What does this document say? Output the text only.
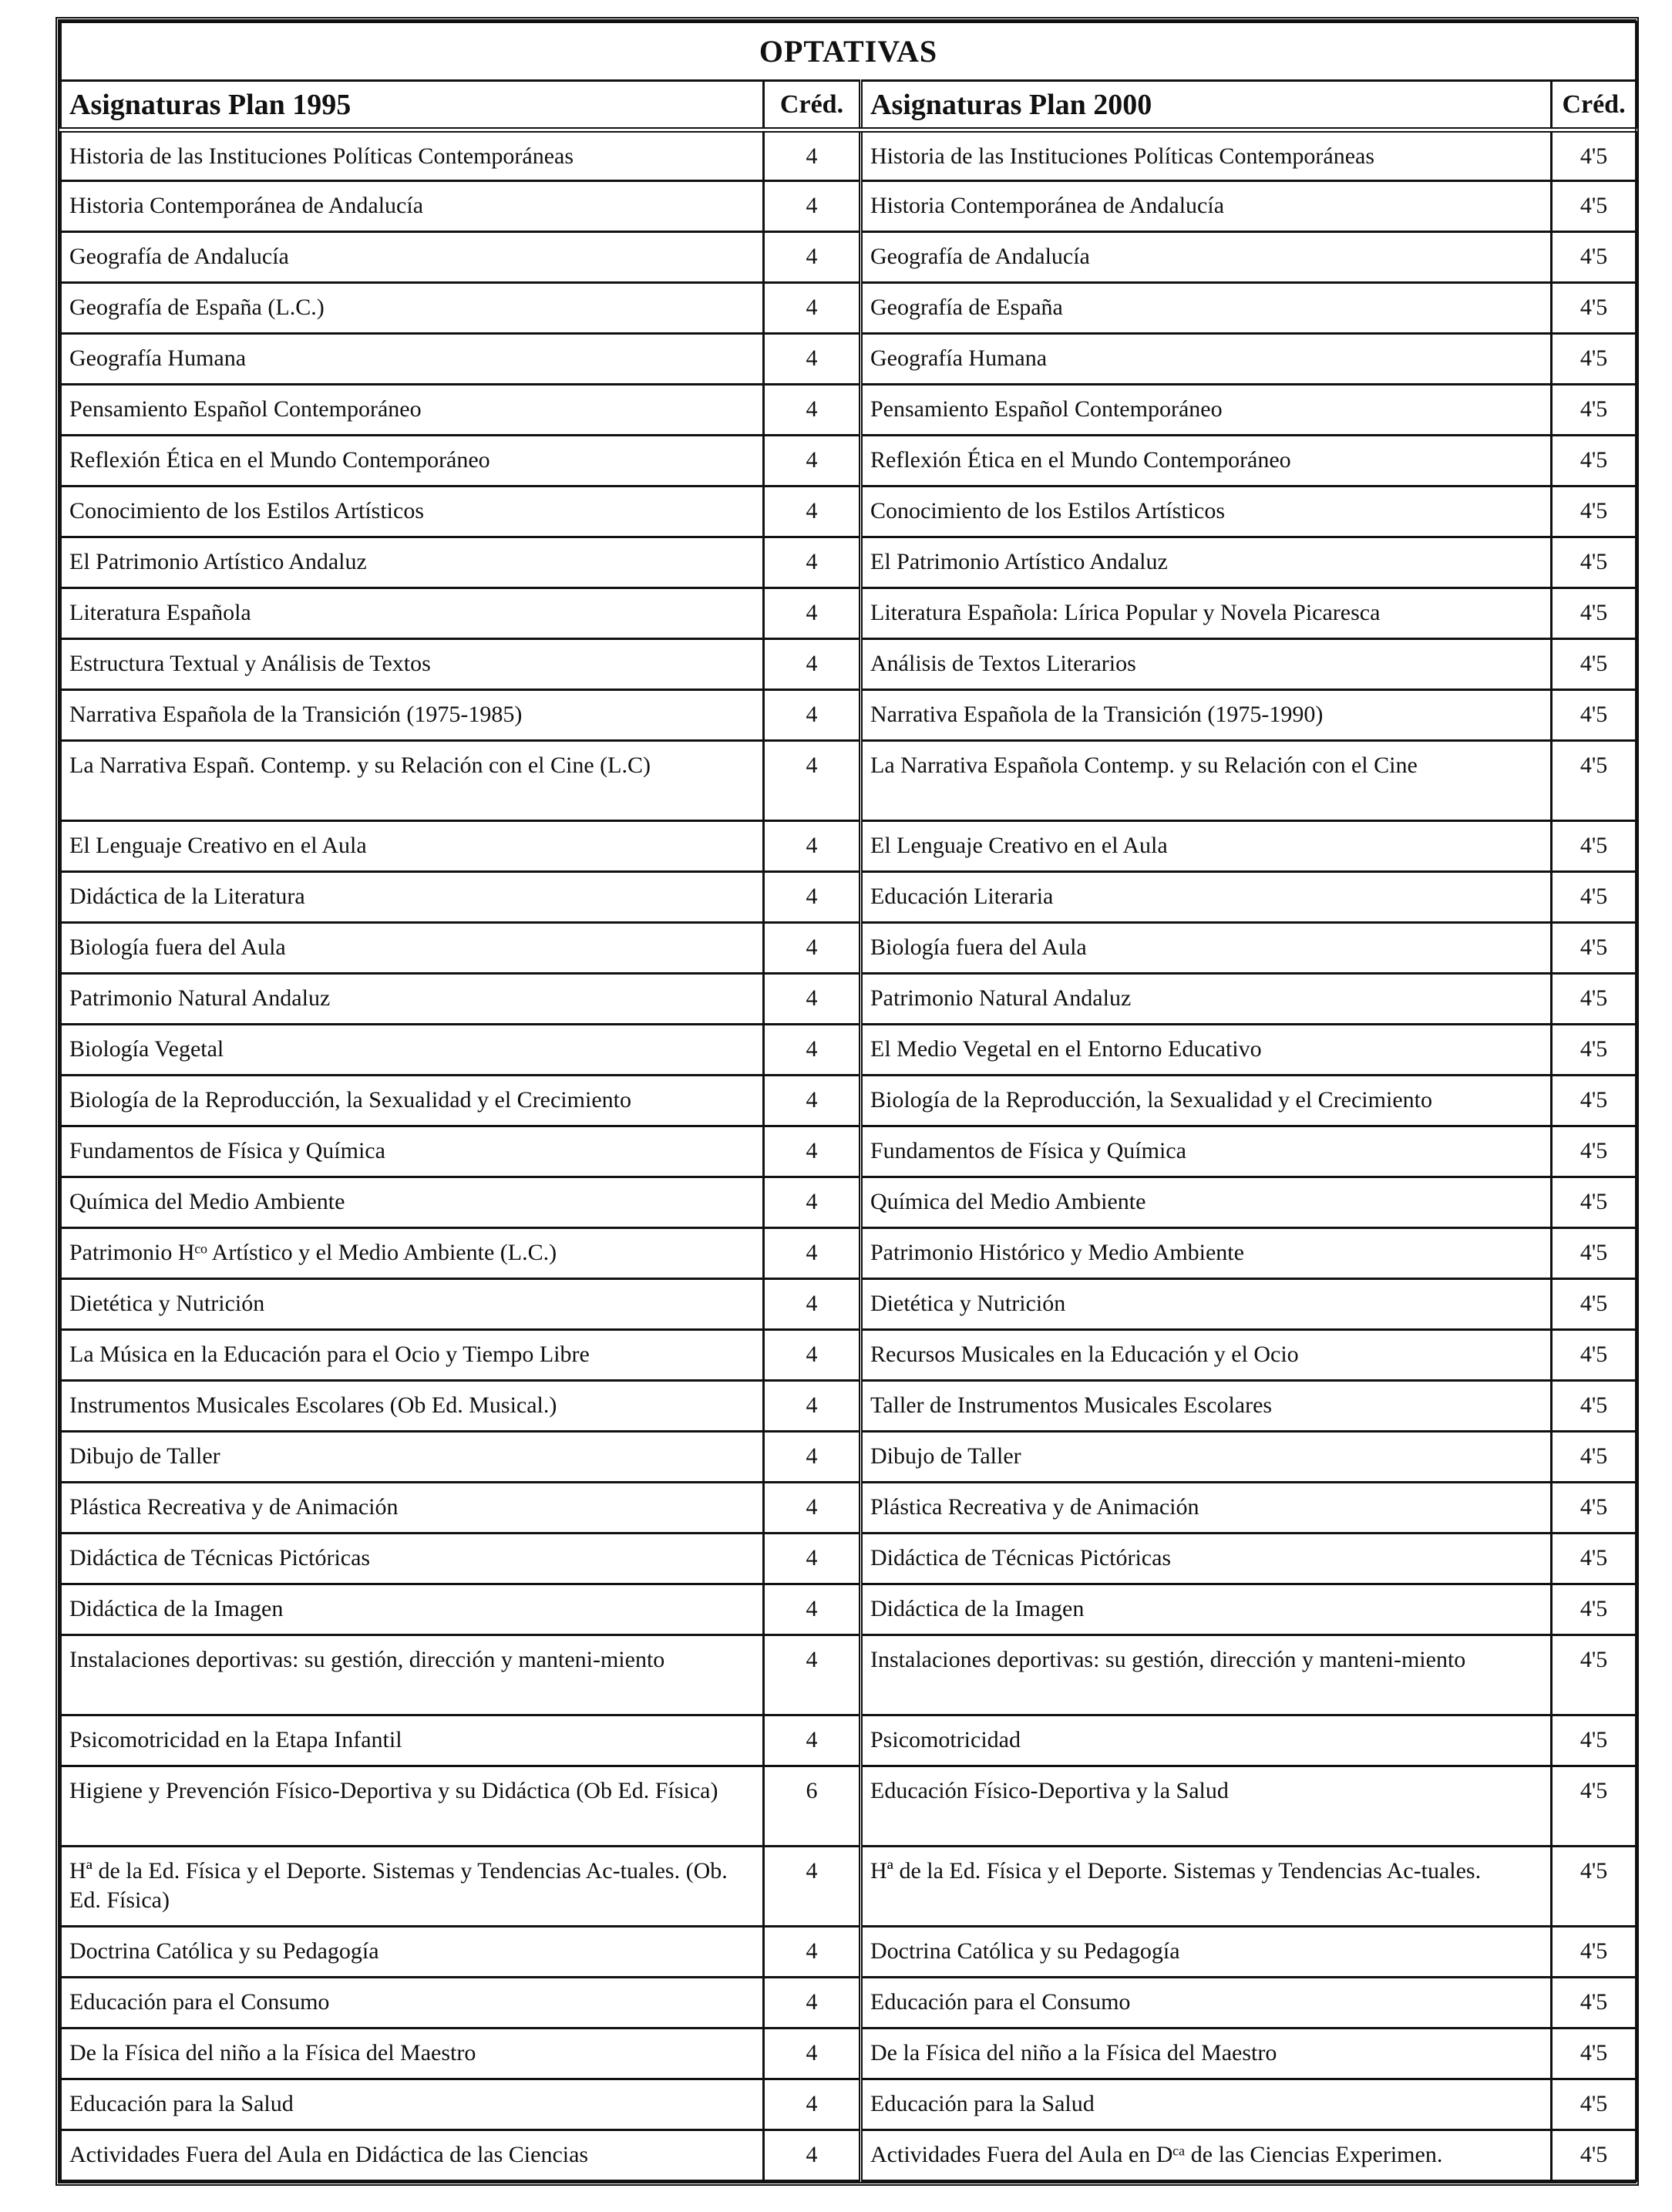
OPTATIVAS			
Asignaturas Plan 1995	Créd.	Asignaturas Plan 2000	Créd.
Historia de las Instituciones Políticas Contemporáneas	4	Historia de las Instituciones Políticas Contemporáneas	4'5
Historia Contemporánea de Andalucía	4	Historia Contemporánea de Andalucía	4'5
Geografía de Andalucía	4	Geografía de Andalucía	4'5
Geografía de España (L.C.)	4	Geografía de España	4'5
Geografía Humana	4	Geografía Humana	4'5
Pensamiento Español Contemporáneo	4	Pensamiento Español Contemporáneo	4'5
Reflexión Ética en el Mundo Contemporáneo	4	Reflexión Ética en el Mundo Contemporáneo	4'5
Conocimiento de los Estilos Artísticos	4	Conocimiento de los Estilos Artísticos	4'5
El Patrimonio Artístico Andaluz	4	El Patrimonio Artístico Andaluz	4'5
Literatura Española	4	Literatura Española: Lírica Popular y Novela Picaresca	4'5
Estructura Textual y Análisis de Textos	4	Análisis de Textos Literarios	4'5
Narrativa Española de la Transición (1975-1985)	4	Narrativa Española de la Transición (1975-1990)	4'5
La Narrativa Españ. Contemp. y su Relación con el Cine (L.C)	4	La Narrativa Española Contemp. y su Relación con el Cine	4'5
El Lenguaje Creativo en el Aula	4	El Lenguaje Creativo en el Aula	4'5
Didáctica de la Literatura	4	Educación Literaria	4'5
Biología fuera del Aula	4	Biología fuera del Aula	4'5
Patrimonio Natural Andaluz	4	Patrimonio Natural Andaluz	4'5
Biología Vegetal	4	El Medio Vegetal en el Entorno Educativo	4'5
Biología de la Reproducción, la Sexualidad y el Crecimiento	4	Biología de la Reproducción, la Sexualidad y el Crecimiento	4'5
Fundamentos de Física y Química	4	Fundamentos de Física y Química	4'5
Química del Medio Ambiente	4	Química del Medio Ambiente	4'5
Patrimonio Hᶜᵒ Artístico y el Medio Ambiente (L.C.)	4	Patrimonio Histórico y Medio Ambiente	4'5
Dietética y Nutrición	4	Dietética y Nutrición	4'5
La Música en la Educación para el Ocio y Tiempo Libre	4	Recursos Musicales en la Educación y el Ocio	4'5
Instrumentos Musicales Escolares (Ob Ed. Musical.)	4	Taller de Instrumentos Musicales Escolares	4'5
Dibujo de Taller	4	Dibujo de Taller	4'5
Plástica Recreativa y de Animación	4	Plástica Recreativa y de Animación	4'5
Didáctica de Técnicas Pictóricas	4	Didáctica de Técnicas Pictóricas	4'5
Didáctica de la Imagen	4	Didáctica de la Imagen	4'5
Instalaciones deportivas: su gestión, dirección y manteni-miento	4	Instalaciones deportivas: su gestión, dirección y manteni-miento	4'5
Psicomotricidad en la Etapa Infantil	4	Psicomotricidad	4'5
Higiene y Prevención Físico-Deportiva y su Didáctica (Ob Ed. Física)	6	Educación Físico-Deportiva y la Salud	4'5
Hª de la Ed. Física y el Deporte. Sistemas y Tendencias Ac-tuales. (Ob. Ed. Física)	4	Hª de la Ed. Física y el Deporte. Sistemas y Tendencias Ac-tuales.	4'5
Doctrina Católica y su Pedagogía	4	Doctrina Católica y su Pedagogía	4'5
Educación para el Consumo	4	Educación para el Consumo	4'5
De la Física del niño a la Física del Maestro	4	De la Física del niño a la Física del Maestro	4'5
Educación para la Salud	4	Educación para la Salud	4'5
Actividades Fuera del Aula en Didáctica de las Ciencias	4	Actividades Fuera del Aula en Dᶜᵃ de las Ciencias Experimen.	4'5
